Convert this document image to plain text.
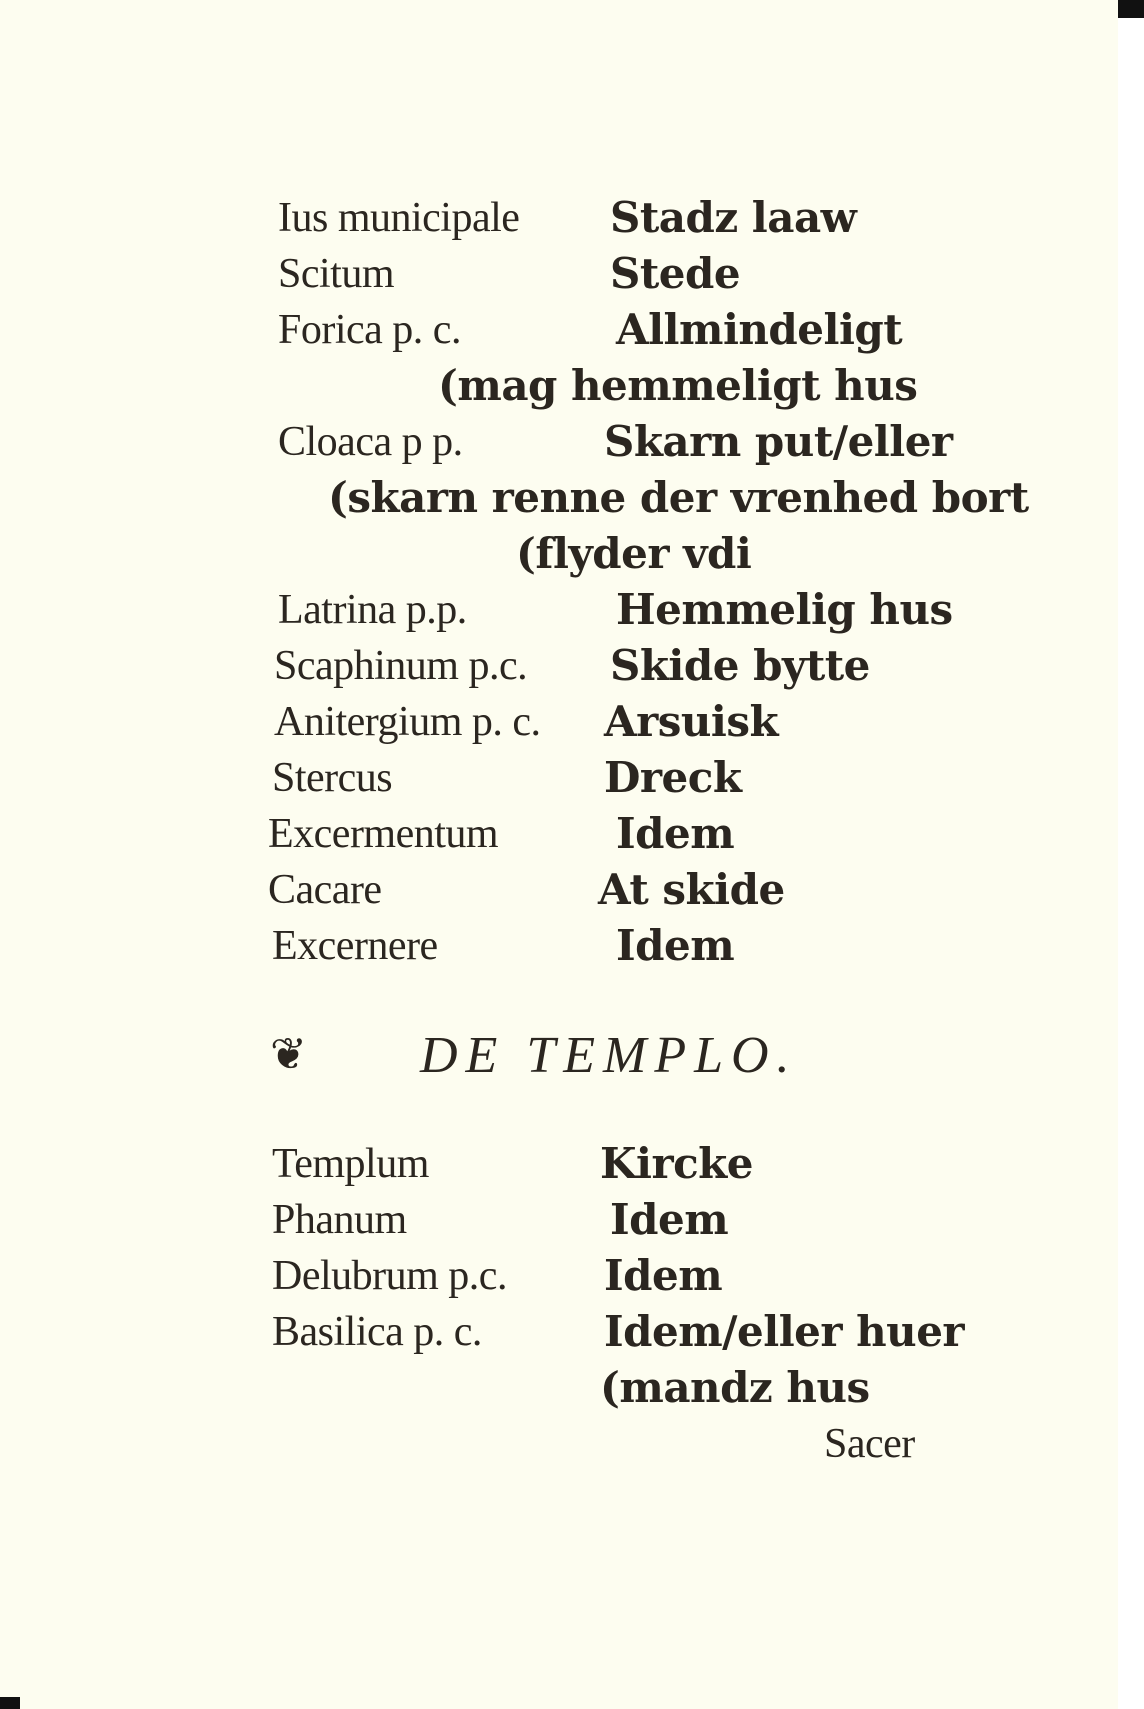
Ius municipale
Scitum
Forica p. c.
Cloaca p p.
Latrina p.p.
Scaphinum p.c.
Anitergium p. c.
Stercus
Excermentum
Cacare
Excernere
Stadz laaw
Stede
Allmindeligt
(mag hemmeligt hus
Skarn put/eller
(skarn renne der vrenhed bort
(flyder vdi
Hemmelig hus
Skide bytte
Arsuisk
Dreck
Idem
At skide
Idem
❦ DE TEMPLO.
Templum
Phanum
Delubrum p.c.
Basilica p. c.
Kircke
Idem
Idem
Idem/eller huer
(mandz hus
Sacer
